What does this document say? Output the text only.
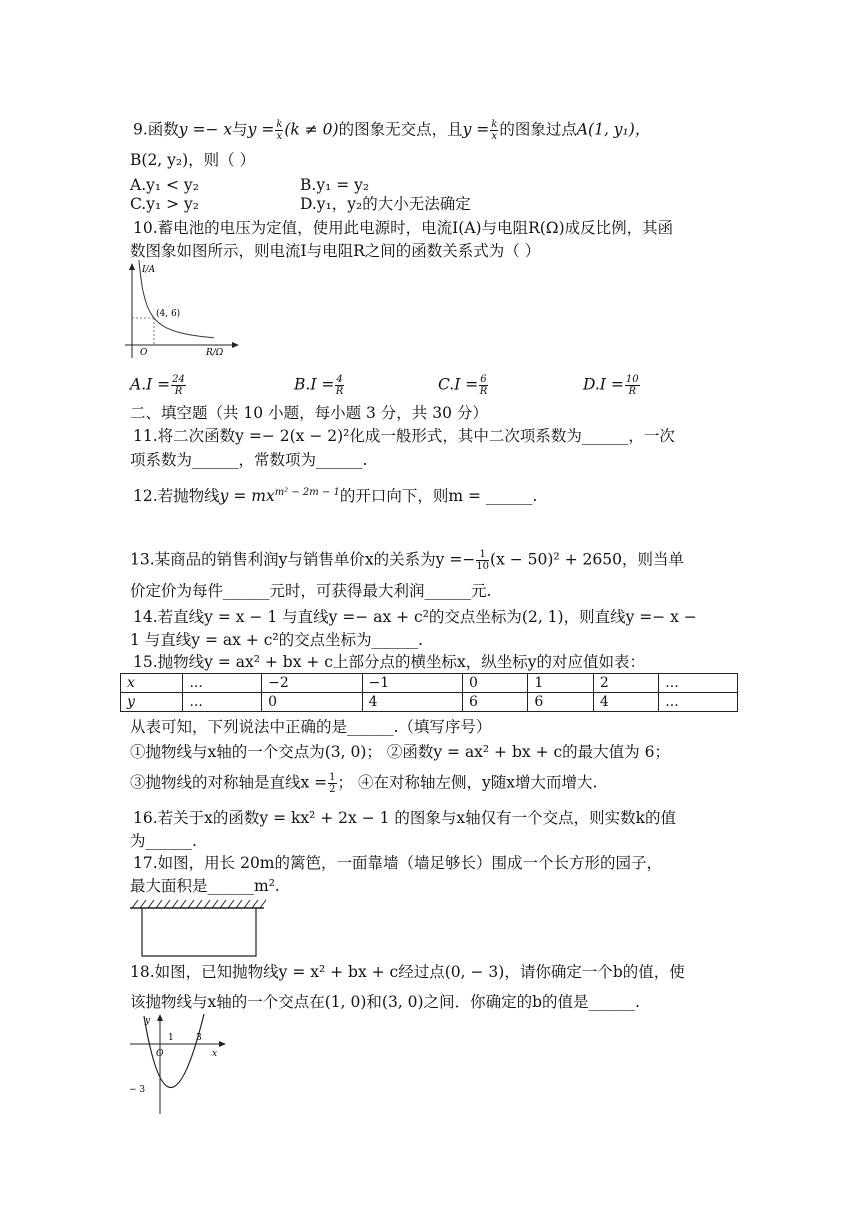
9.函数y =− x与$y = \frac{k}{x} (k \ne 0)$的图象无交点，且$y = \frac{k}{x}$ 的图象过点A(1, y₁)，
B(2, y₂)，则（ ）
A.y₁ < y₂	B.y₁ = y₂
C.y₁ > y₂	D.y₁，y₂的大小无法确定
10.蓄电池的电压为定值，使用此电源时，电流I(A)与电阻R(Ω)成反比例，其函
数图象如图所示，则电流I与电阻R之间的函数关系式为（ ）
I/A
R/Ω
O
(4, 6)
$A.I = \frac{24}{R}$	$B.I = \frac{4}{R}$	$C.I = \frac{6}{R}$	$D.I = \frac{10}{R}$
二、填空题（共 10 小题，每小题 3 分，共 30 分）
11.将二次函数y =− 2(x − 2)²化成一般形式，其中二次项系数为______，一次
项系数为______，常数项为______.
12.若抛物线$y = mx^{m^2 - 2m - 1}$的开口向下，则m = ______.
13.某商品的销售利润y与销售单价x的关系为$y =- \frac{1}{10} (x - 50)^2 + 2650$，则当单
价定价为每件______元时，可获得最大利润______元.
14.若直线y = x − 1 与直线y =− ax + c²的交点坐标为(2, 1)，则直线y =− x −
1 与直线y = ax + c²的交点坐标为______.
15.抛物线y = ax² + bx + c上部分点的横坐标x，纵坐标y的对应值如表：
x	...	−2	−1	0	1	2	...
y	...	0	4	6	6	4	...
从表可知，下列说法中正确的是______.（填写序号）
①抛物线与x轴的一个交点为(3, 0)； ②函数y = ax² + bx + c的最大值为 6；
③抛物线的对称轴是直线$x = \frac{1}{2}$ ； ④在对称轴左侧，y随x增大而增大.
16.若关于x的函数y = kx² + 2x − 1 的图象与x轴仅有一个交点，则实数k的值
为______.
17.如图，用长 20m的篱笆，一面靠墙（墙足够长）围成一个长方形的园子，
最大面积是______m².
18.如图，已知抛物线y = x² + bx + c经过点(0, − 3)，请你确定一个b的值，使
该抛物线与x轴的一个交点在(1, 0)和(3, 0)之间．你确定的b的值是______.
y
x
O
1 3
− 3
